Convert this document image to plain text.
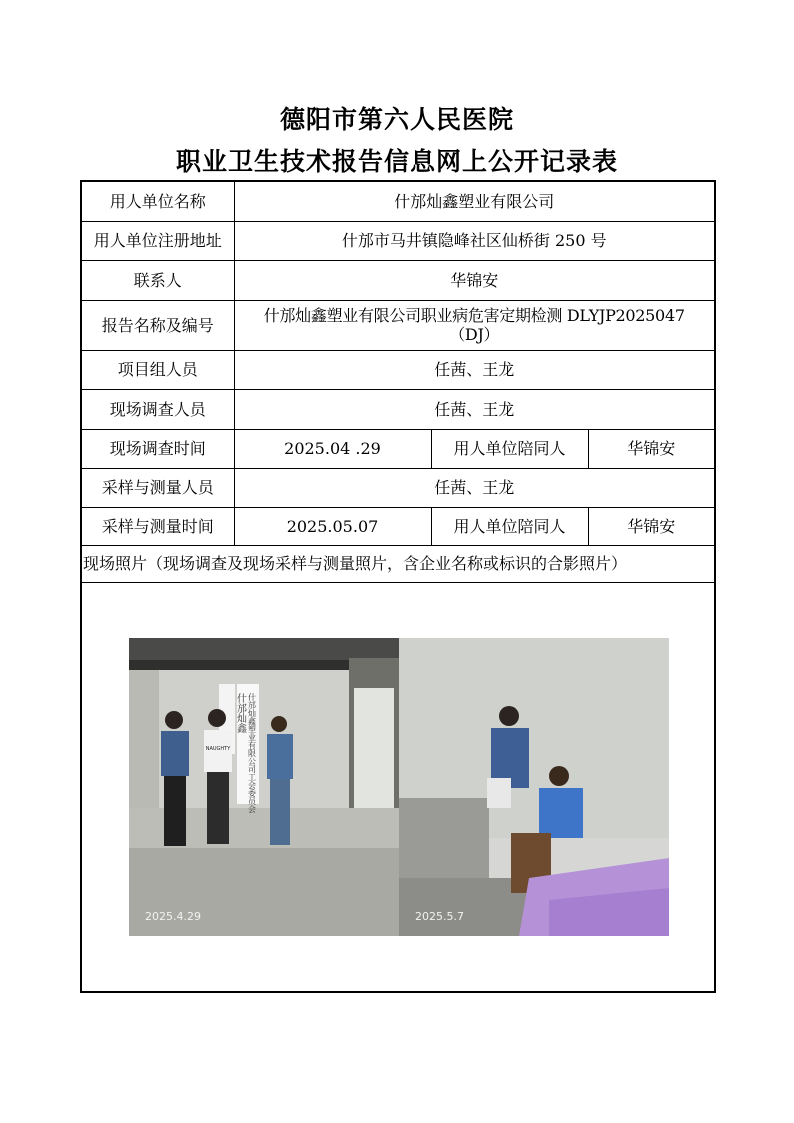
德阳市第六人民医院
职业卫生技术报告信息网上公开记录表
用人单位名称	什邡灿鑫塑业有限公司		
用人单位注册地址	什邡市马井镇隐峰社区仙桥街 250 号		
联系人	华锦安		
报告名称及编号	什邡灿鑫塑业有限公司职业病危害定期检测 DLYJP2025047
（DJ）		

项目组人员	任茜、王龙		
现场调查人员	任茜、王龙		
现场调查时间	2025.04 .29	用人单位陪同人	华锦安
采样与测量人员	任茜、王龙		
采样与测量时间	2025.05.07	用人单位陪同人	华锦安
现场照片（现场调查及现场采样与测量照片，含企业名称或标识的合影照片）			

什邡灿鑫 什邡灿鑫塑业有限公司工会委员会
NAUGHTY
2025.4.29 2025.5.7			
